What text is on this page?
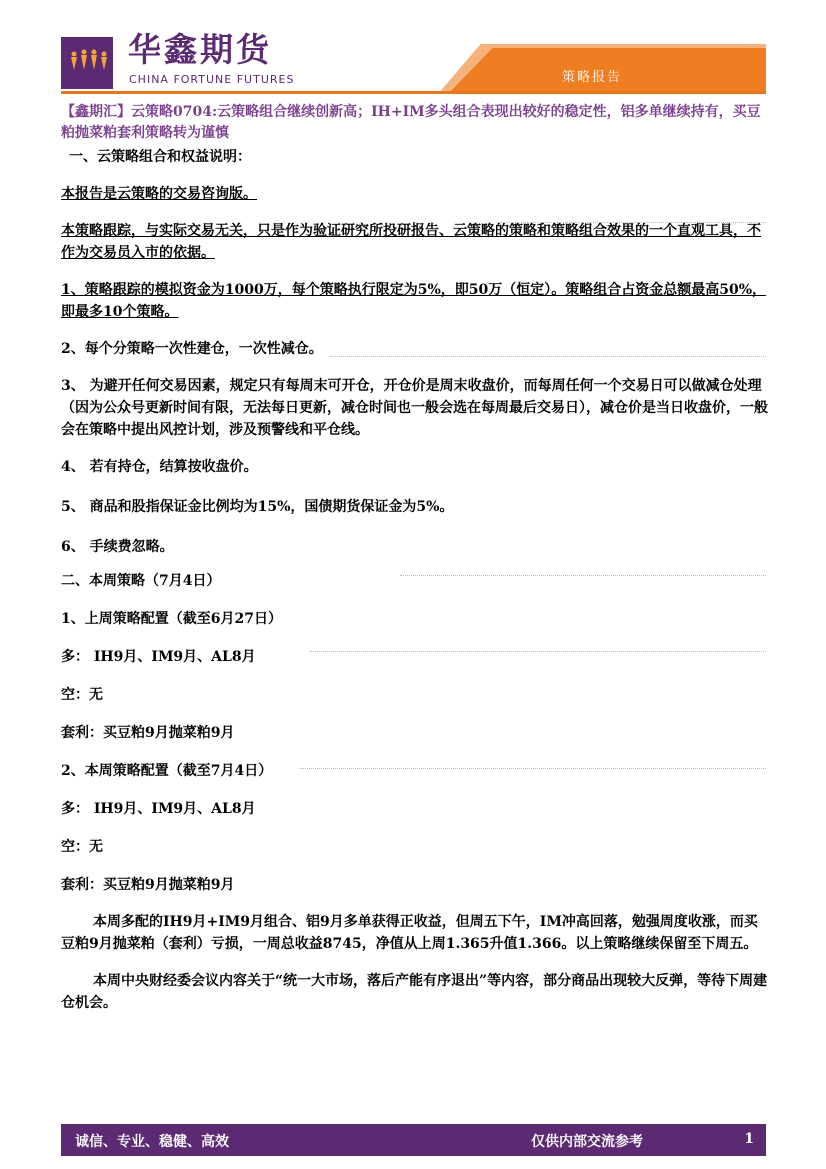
华鑫期货
CHINA FORTUNE FUTURES	策略报告
【鑫期汇】云策略0704:云策略组合继续创新高；IH+IM多头组合表现出较好的稳定性，铝多单继续持有，买豆粕抛菜粕套利策略转为谨慎

一、云策略组合和权益说明：

本报告是云策略的交易咨询版。

本策略跟踪，与实际交易无关，只是作为验证研究所投研报告、云策略的策略和策略组合效果的一个直观工具，不作为交易员入市的依据。

1、策略跟踪的模拟资金为1000万，每个策略执行限定为5%，即50万（恒定）。策略组合占资金总额最高50%，即最多10个策略。

2、每个分策略一次性建仓，一次性减仓。

3、 为避开任何交易因素，规定只有每周末可开仓，开仓价是周末收盘价，而每周任何一个交易日可以做减仓处理（因为公众号更新时间有限，无法每日更新，减仓时间也一般会选在每周最后交易日），减仓价是当日收盘价，一般会在策略中提出风控计划，涉及预警线和平仓线。

4、 若有持仓，结算按收盘价。

5、 商品和股指保证金比例均为15%，国债期货保证金为5%。

6、 手续费忽略。

二、本周策略（7月4日）

1、上周策略配置（截至6月27日）

多： IH9月、IM9月、AL8月

空：无

套利：买豆粕9月抛菜粕9月

2、本周策略配置（截至7月4日）

多： IH9月、IM9月、AL8月

空：无

套利：买豆粕9月抛菜粕9月

本周多配的IH9月+IM9月组合、铝9月多单获得正收益，但周五下午，IM冲高回落，勉强周度收涨，而买豆粕9月抛菜粕（套利）亏损，一周总收益8745，净值从上周1.365升值1.366。以上策略继续保留至下周五。

本周中央财经委会议内容关于“统一大市场，落后产能有序退出”等内容，部分商品出现较大反弹，等待下周建仓机会。

诚信、专业、稳健、高效	仅供内部交流参考	1
